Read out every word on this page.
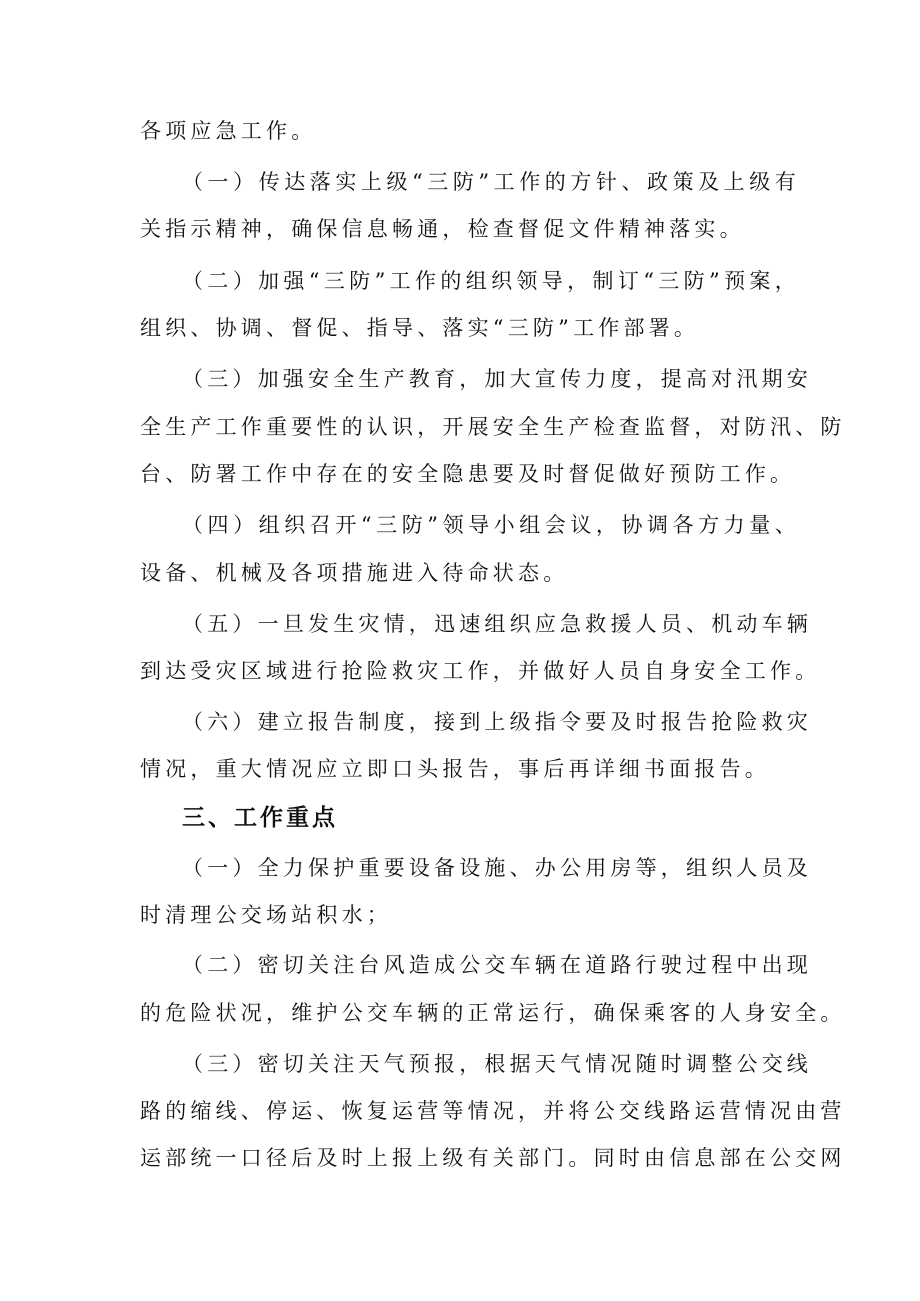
各项应急工作。
（一）传达落实上级“三防”工作的方针、政策及上级有
关指示精神，确保信息畅通，检查督促文件精神落实。
（二）加强“三防”工作的组织领导，制订“三防”预案，
组织、协调、督促、指导、落实“三防”工作部署。
（三）加强安全生产教育，加大宣传力度，提高对汛期安
全生产工作重要性的认识，开展安全生产检查监督，对防汛、防
台、防署工作中存在的安全隐患要及时督促做好预防工作。
（四）组织召开“三防”领导小组会议，协调各方力量、
设备、机械及各项措施进入待命状态。
（五）一旦发生灾情，迅速组织应急救援人员、机动车辆
到达受灾区域进行抢险救灾工作，并做好人员自身安全工作。
（六）建立报告制度，接到上级指令要及时报告抢险救灾
情况，重大情况应立即口头报告，事后再详细书面报告。
三、工作重点
（一）全力保护重要设备设施、办公用房等，组织人员及
时清理公交场站积水；
（二）密切关注台风造成公交车辆在道路行驶过程中出现
的危险状况，维护公交车辆的正常运行，确保乘客的人身安全。
（三）密切关注天气预报，根据天气情况随时调整公交线
路的缩线、停运、恢复运营等情况，并将公交线路运营情况由营
运部统一口径后及时上报上级有关部门。同时由信息部在公交网
